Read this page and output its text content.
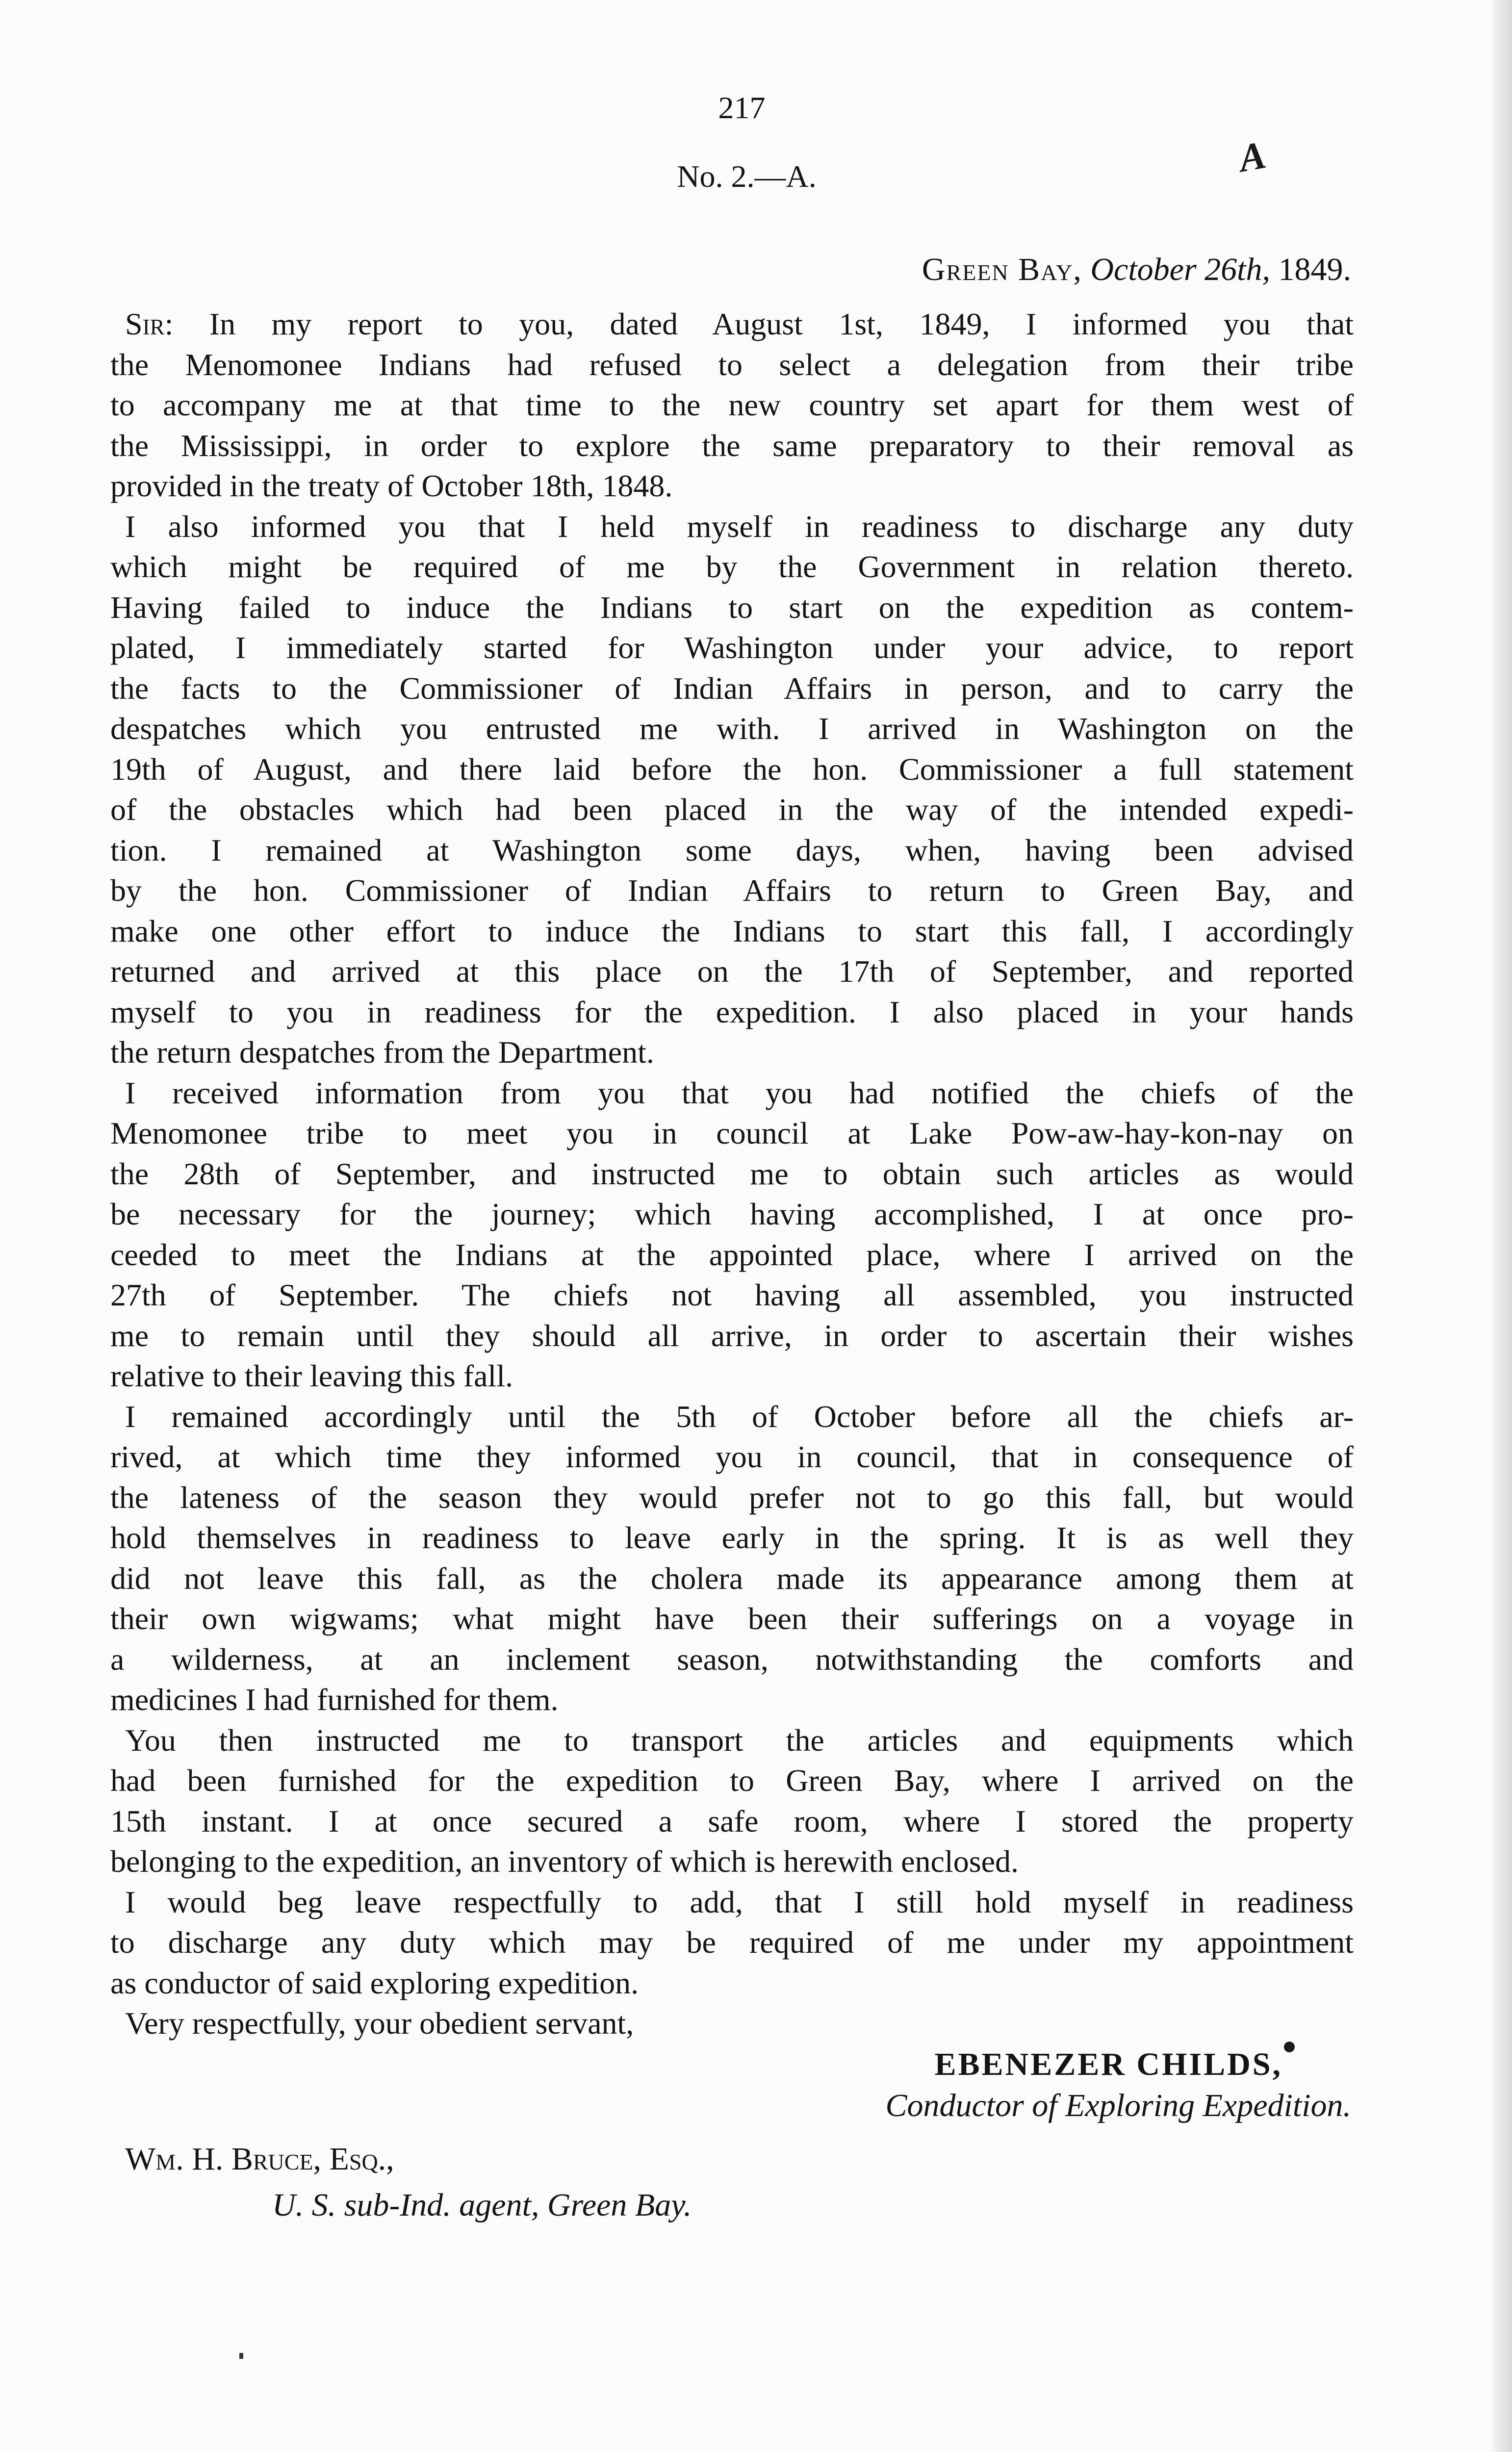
A
217
No. 2.—A.
Green Bay, October 26th, 1849.

Sir: In my report to you, dated August 1st, 1849, I informed you that
the Menomonee Indians had refused to select a delegation from their tribe
to accompany me at that time to the new country set apart for them west of
the Mississippi, in order to explore the same preparatory to their removal as
provided in the treaty of October 18th, 1848.

I also informed you that I held myself in readiness to discharge any duty
which might be required of me by the Government in relation thereto.
Having failed to induce the Indians to start on the expedition as contem-
plated, I immediately started for Washington under your advice, to report
the facts to the Commissioner of Indian Affairs in person, and to carry the
despatches which you entrusted me with. I arrived in Washington on the
19th of August, and there laid before the hon. Commissioner a full statement
of the obstacles which had been placed in the way of the intended expedi-
tion. I remained at Washington some days, when, having been advised
by the hon. Commissioner of Indian Affairs to return to Green Bay, and
make one other effort to induce the Indians to start this fall, I accordingly
returned and arrived at this place on the 17th of September, and reported
myself to you in readiness for the expedition. I also placed in your hands
the return despatches from the Department.

I received information from you that you had notified the chiefs of the
Menomonee tribe to meet you in council at Lake Pow-aw-hay-kon-nay on
the 28th of September, and instructed me to obtain such articles as would
be necessary for the journey; which having accomplished, I at once pro-
ceeded to meet the Indians at the appointed place, where I arrived on the
27th of September. The chiefs not having all assembled, you instructed
me to remain until they should all arrive, in order to ascertain their wishes
relative to their leaving this fall.

I remained accordingly until the 5th of October before all the chiefs ar-
rived, at which time they informed you in council, that in consequence of
the lateness of the season they would prefer not to go this fall, but would
hold themselves in readiness to leave early in the spring. It is as well they
did not leave this fall, as the cholera made its appearance among them at
their own wigwams; what might have been their sufferings on a voyage in
a wilderness, at an inclement season, notwithstanding the comforts and
medicines I had furnished for them.

You then instructed me to transport the articles and equipments which
had been furnished for the expedition to Green Bay, where I arrived on the
15th instant. I at once secured a safe room, where I stored the property
belonging to the expedition, an inventory of which is herewith enclosed.

I would beg leave respectfully to add, that I still hold myself in readiness
to discharge any duty which may be required of me under my appointment
as conductor of said exploring expedition.

Very respectfully, your obedient servant,

EBENEZER CHILDS,
Conductor of Exploring Expedition.
Wm. H. Bruce, Esq.,
U. S. sub-Ind. agent, Green Bay.
